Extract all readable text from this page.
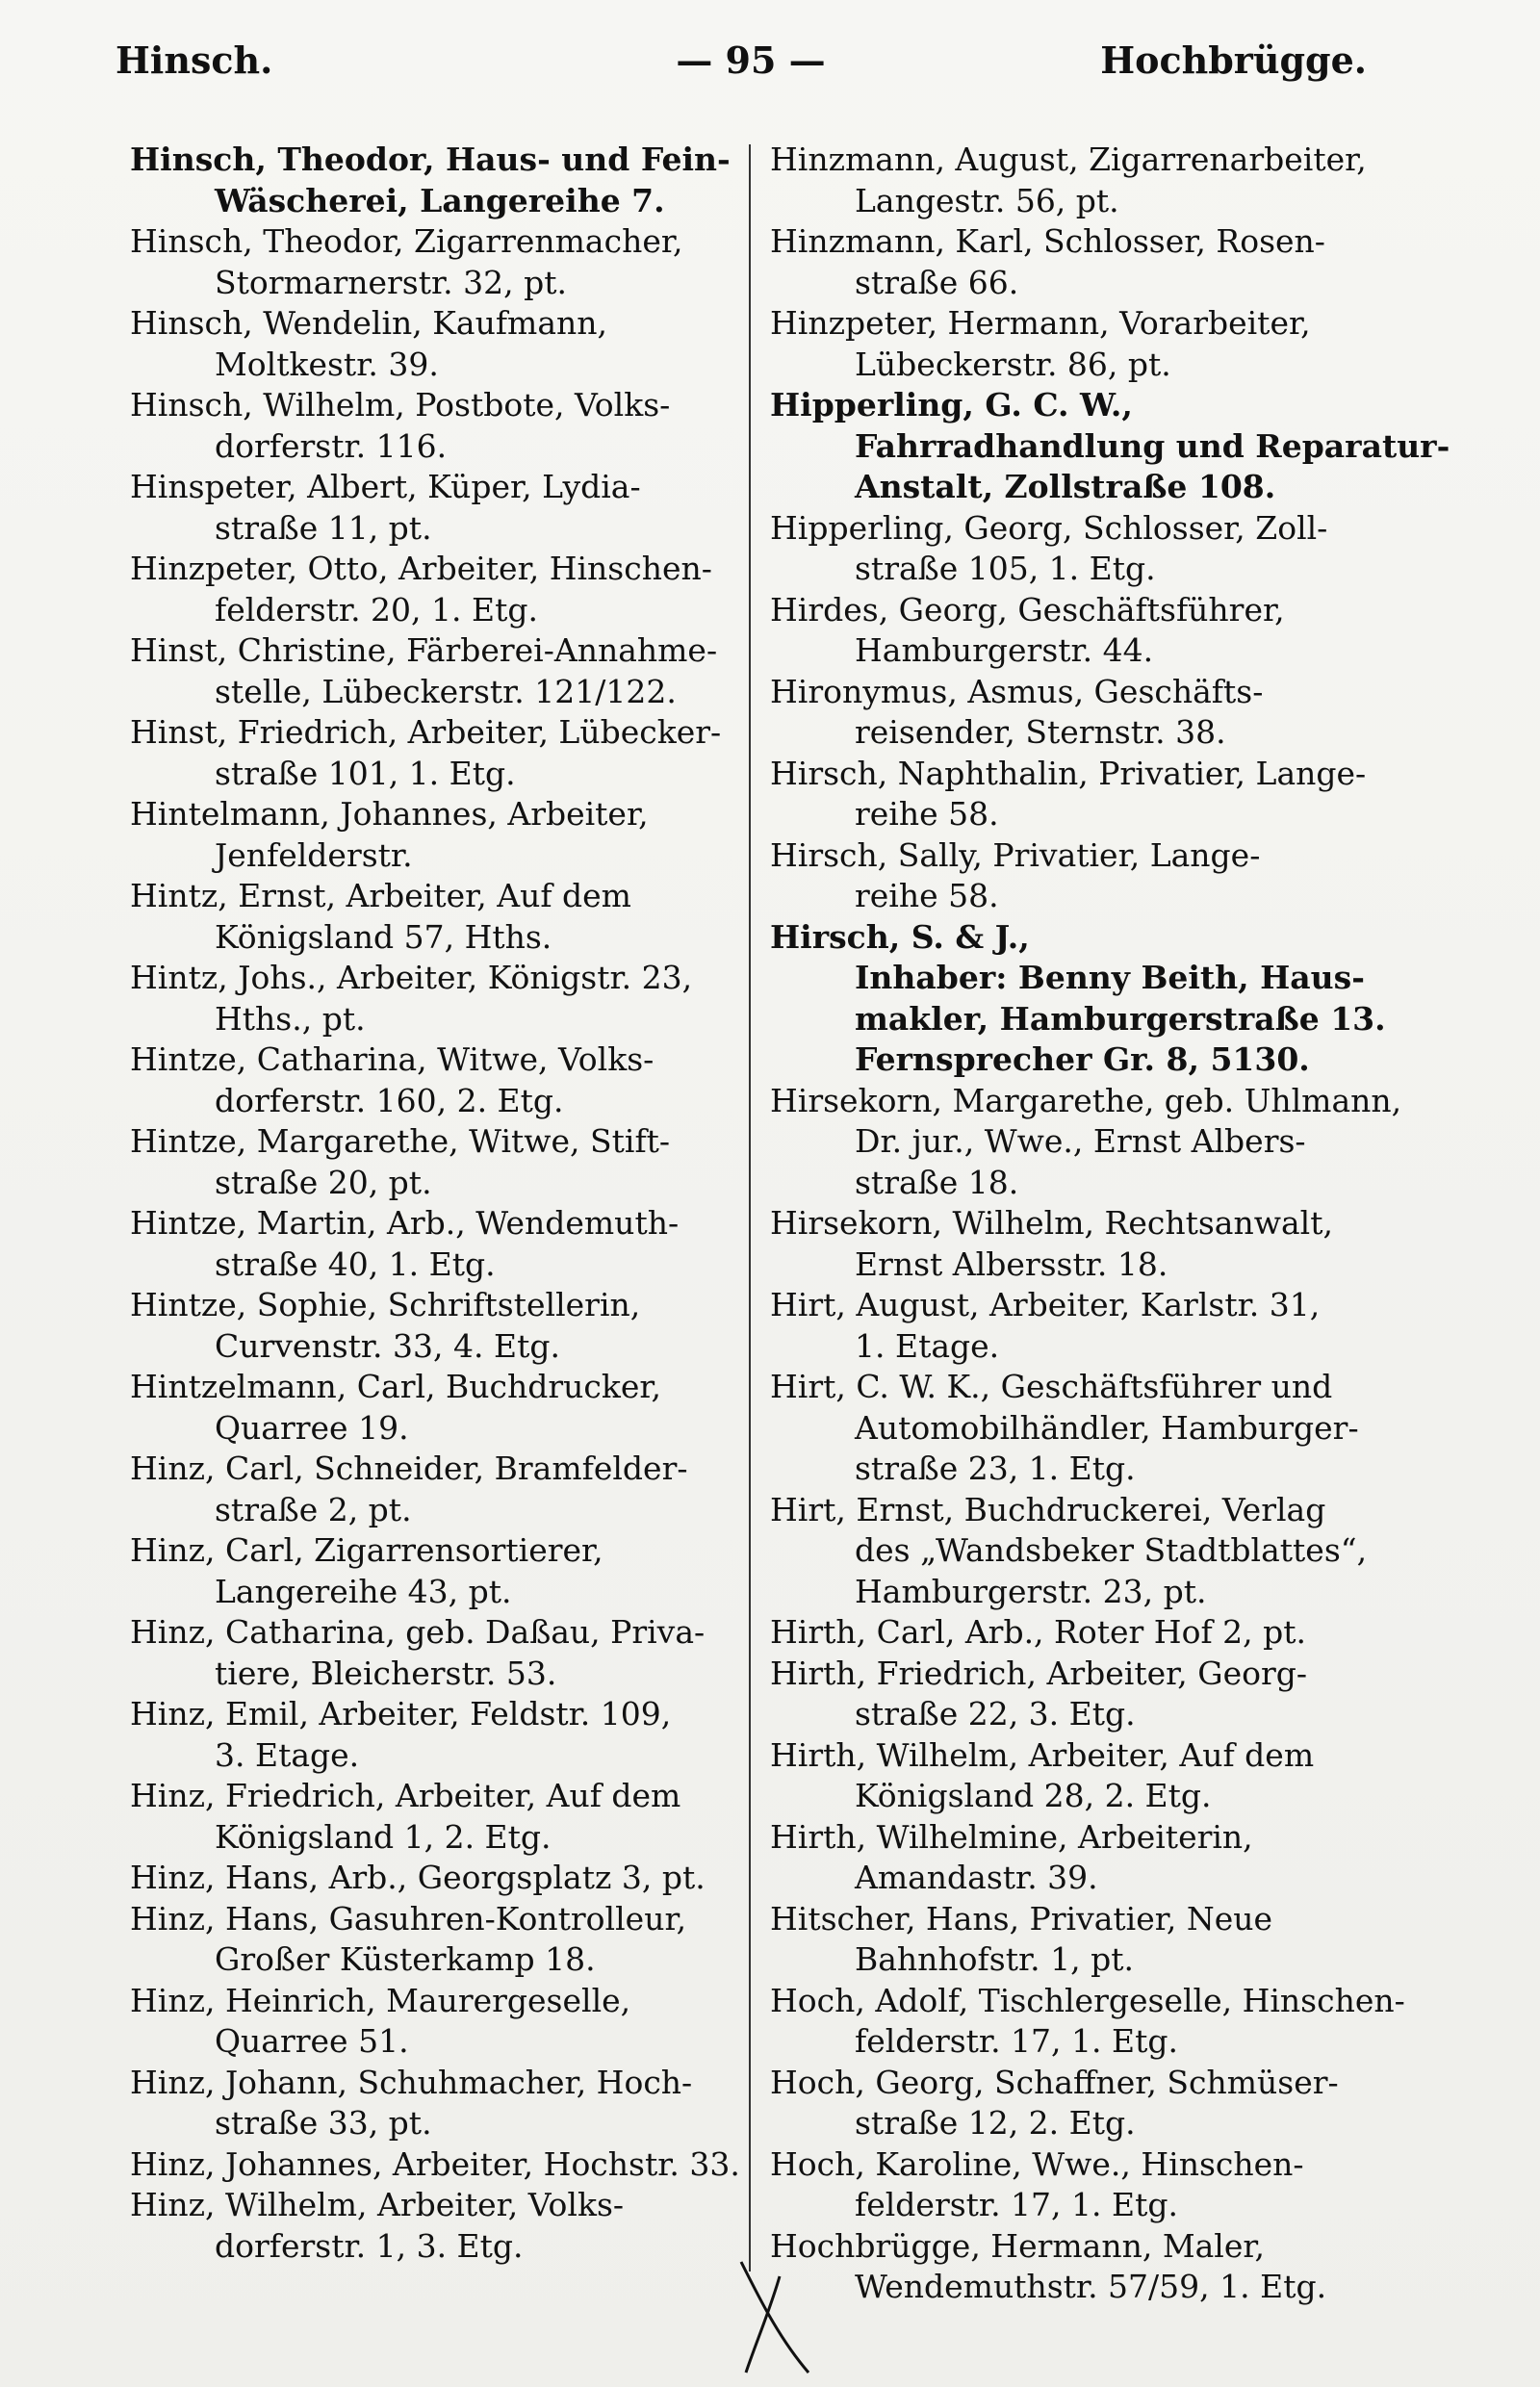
Hinsch.	— 95 —	Hochbrügge.
Hinsch, Theodor, Haus- und Fein-
Wäscherei, Langereihe 7.
Hinsch, Theodor, Zigarrenmacher,
Stormarnerstr. 32, pt.
Hinsch, Wendelin, Kaufmann,
Moltkestr. 39.
Hinsch, Wilhelm, Postbote, Volks-
dorferstr. 116.
Hinspeter, Albert, Küper, Lydia-
straße 11, pt.
Hinzpeter, Otto, Arbeiter, Hinschen-
felderstr. 20, 1. Etg.
Hinst, Christine, Färberei-Annahme-
stelle, Lübeckerstr. 121/122.
Hinst, Friedrich, Arbeiter, Lübecker-
straße 101, 1. Etg.
Hintelmann, Johannes, Arbeiter,
Jenfelderstr.
Hintz, Ernst, Arbeiter, Auf dem
Königsland 57, Hths.
Hintz, Johs., Arbeiter, Königstr. 23,
Hths., pt.
Hintze, Catharina, Witwe, Volks-
dorferstr. 160, 2. Etg.
Hintze, Margarethe, Witwe, Stift-
straße 20, pt.
Hintze, Martin, Arb., Wendemuth-
straße 40, 1. Etg.
Hintze, Sophie, Schriftstellerin,
Curvenstr. 33, 4. Etg.
Hintzelmann, Carl, Buchdrucker,
Quarree 19.
Hinz, Carl, Schneider, Bramfelder-
straße 2, pt.
Hinz, Carl, Zigarrensortierer,
Langereihe 43, pt.
Hinz, Catharina, geb. Daßau, Priva-
tiere, Bleicherstr. 53.
Hinz, Emil, Arbeiter, Feldstr. 109,
3. Etage.
Hinz, Friedrich, Arbeiter, Auf dem
Königsland 1, 2. Etg.
Hinz, Hans, Arb., Georgsplatz 3, pt.
Hinz, Hans, Gasuhren-Kontrolleur,
Großer Küsterkamp 18.
Hinz, Heinrich, Maurergeselle,
Quarree 51.
Hinz, Johann, Schuhmacher, Hoch-
straße 33, pt.
Hinz, Johannes, Arbeiter, Hochstr. 33.
Hinz, Wilhelm, Arbeiter, Volks-
dorferstr. 1, 3. Etg.
Hinzmann, August, Zigarrenarbeiter,
Langestr. 56, pt.
Hinzmann, Karl, Schlosser, Rosen-
straße 66.
Hinzpeter, Hermann, Vorarbeiter,
Lübeckerstr. 86, pt.
Hipperling, G. C. W.,
Fahrradhandlung und Reparatur-
Anstalt, Zollstraße 108.
Hipperling, Georg, Schlosser, Zoll-
straße 105, 1. Etg.
Hirdes, Georg, Geschäftsführer,
Hamburgerstr. 44.
Hironymus, Asmus, Geschäfts-
reisender, Sternstr. 38.
Hirsch, Naphthalin, Privatier, Lange-
reihe 58.
Hirsch, Sally, Privatier, Lange-
reihe 58.
Hirsch, S. & J.,
Inhaber: Benny Beith, Haus-
makler, Hamburgerstraße 13.
Fernsprecher Gr. 8, 5130.
Hirsekorn, Margarethe, geb. Uhlmann,
Dr. jur., Wwe., Ernst Albers-
straße 18.
Hirsekorn, Wilhelm, Rechtsanwalt,
Ernst Albersstr. 18.
Hirt, August, Arbeiter, Karlstr. 31,
1. Etage.
Hirt, C. W. K., Geschäftsführer und
Automobilhändler, Hamburger-
straße 23, 1. Etg.
Hirt, Ernst, Buchdruckerei, Verlag
des „Wandsbeker Stadtblattes“,
Hamburgerstr. 23, pt.
Hirth, Carl, Arb., Roter Hof 2, pt.
Hirth, Friedrich, Arbeiter, Georg-
straße 22, 3. Etg.
Hirth, Wilhelm, Arbeiter, Auf dem
Königsland 28, 2. Etg.
Hirth, Wilhelmine, Arbeiterin,
Amandastr. 39.
Hitscher, Hans, Privatier, Neue
Bahnhofstr. 1, pt.
Hoch, Adolf, Tischlergeselle, Hinschen-
felderstr. 17, 1. Etg.
Hoch, Georg, Schaffner, Schmüser-
straße 12, 2. Etg.
Hoch, Karoline, Wwe., Hinschen-
felderstr. 17, 1. Etg.
Hochbrügge, Hermann, Maler,
Wendemuthstr. 57/59, 1. Etg.
